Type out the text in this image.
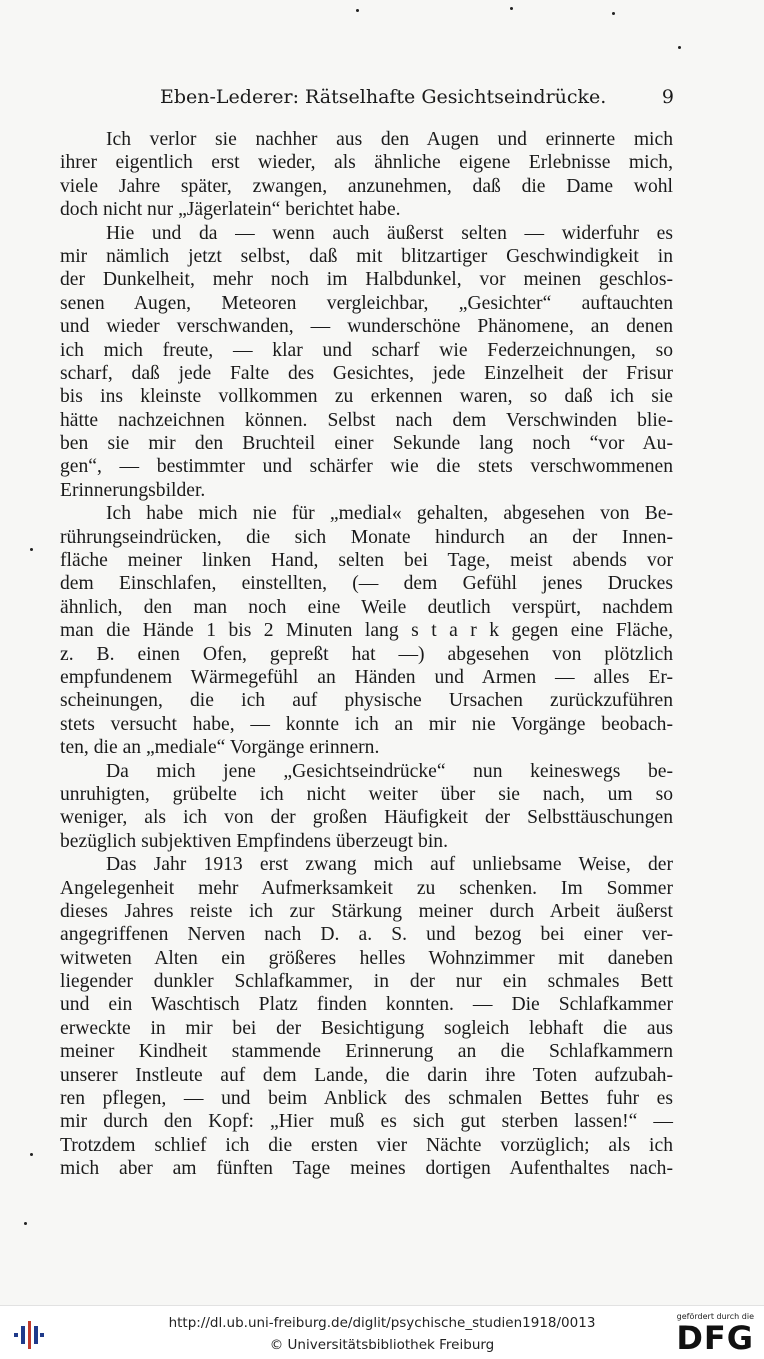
Eben-Lederer: Rätselhafte Gesichtseindrücke.	9
Ich verlor sie nachher aus den Augen und erinnerte mich
ihrer eigentlich erst wieder, als ähnliche eigene Erlebnisse mich,
viele Jahre später, zwangen, anzunehmen, daß die Dame wohl
doch nicht nur „Jägerlatein“ berichtet habe.
Hie und da — wenn auch äußerst selten — widerfuhr es
mir nämlich jetzt selbst, daß mit blitzartiger Geschwindigkeit in
der Dunkelheit, mehr noch im Halbdunkel, vor meinen geschlos-
senen Augen, Meteoren vergleichbar, „Gesichter“ auftauchten
und wieder verschwanden, — wunderschöne Phänomene, an denen
ich mich freute, — klar und scharf wie Federzeichnungen, so
scharf, daß jede Falte des Gesichtes, jede Einzelheit der Frisur
bis ins kleinste vollkommen zu erkennen waren, so daß ich sie
hätte nachzeichnen können. Selbst nach dem Verschwinden blie-
ben sie mir den Bruchteil einer Sekunde lang noch “vor Au-
gen“, — bestimmter und schärfer wie die stets verschwommenen
Erinnerungsbilder.
Ich habe mich nie für „medial« gehalten, abgesehen von Be-
rührungseindrücken, die sich Monate hindurch an der Innen-
fläche meiner linken Hand, selten bei Tage, meist abends vor
dem Einschlafen, einstellten, (— dem Gefühl jenes Druckes
ähnlich, den man noch eine Weile deutlich verspürt, nachdem
man die Hände 1 bis 2 Minuten lang s t a r k gegen eine Fläche,
z. B. einen Ofen, gepreßt hat —) abgesehen von plötzlich
empfundenem Wärmegefühl an Händen und Armen — alles Er-
scheinungen, die ich auf physische Ursachen zurückzuführen
stets versucht habe, — konnte ich an mir nie Vorgänge beobach-
ten, die an „mediale“ Vorgänge erinnern.
Da mich jene „Gesichtseindrücke“ nun keineswegs be-
unruhigten, grübelte ich nicht weiter über sie nach, um so
weniger, als ich von der großen Häufigkeit der Selbsttäuschungen
bezüglich subjektiven Empfindens überzeugt bin.
Das Jahr 1913 erst zwang mich auf unliebsame Weise, der
Angelegenheit mehr Aufmerksamkeit zu schenken. Im Sommer
dieses Jahres reiste ich zur Stärkung meiner durch Arbeit äußerst
angegriffenen Nerven nach D. a. S. und bezog bei einer ver-
witweten Alten ein größeres helles Wohnzimmer mit daneben
liegender dunkler Schlafkammer, in der nur ein schmales Bett
und ein Waschtisch Platz finden konnten. — Die Schlafkammer
erweckte in mir bei der Besichtigung sogleich lebhaft die aus
meiner Kindheit stammende Erinnerung an die Schlafkammern
unserer Instleute auf dem Lande, die darin ihre Toten aufzubah-
ren pflegen, — und beim Anblick des schmalen Bettes fuhr es
mir durch den Kopf: „Hier muß es sich gut sterben lassen!“ —
Trotzdem schlief ich die ersten vier Nächte vorzüglich; als ich
mich aber am fünften Tage meines dortigen Aufenthaltes nach-
http://dl.ub.uni-freiburg.de/diglit/psychische_studien1918/0013
© Universitätsbibliothek Freiburg
gefördert durch die
DFG
